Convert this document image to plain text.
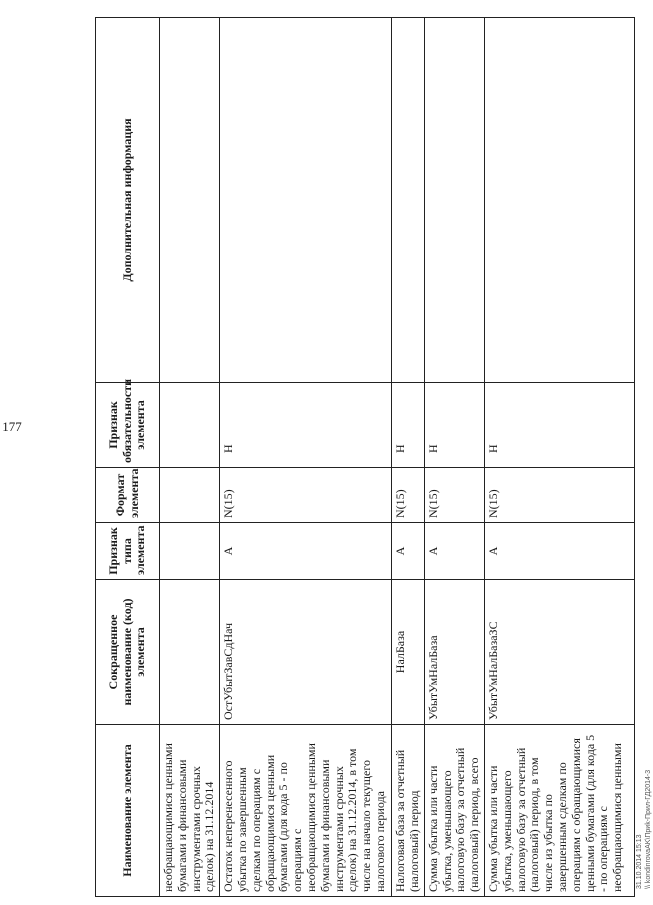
177
Наименование элемента	Сокращенное наименование (код) элемента	Признак типа элемента	Формат элемента	Признак обязательности элемента	Дополнительная информация
необращающимися ценными бумагами и финансовыми инструментами срочных сделок) на 31.12.2014					
Остаток неперенесенного убытка по завершенным сделкам по операциям с обращающимися ценными бумагами (для кода 5 - по операциям с необращающимися ценными бумагами и финансовыми инструментами срочных сделок) на 31.12.2014, в том числе на начало текущего налогового периода	ОстУбытЗавСдНач	А	N(15)	Н	
Налоговая база за отчетный (налоговый) период	НалБаза	А	N(15)	Н	
Сумма убытка или части убытка, уменьшающего налоговую базу за отчетный (налоговый) период, всего	УбытУмНалБаза	А	N(15)	Н	
Сумма убытка или части убытка, уменьшающего налоговую базу за отчетный (налоговый) период, в том числе из убытка по завершенным сделкам по операциям с обращающимися ценными бумагами (для кода 5 - по операциям с необращающимися ценными	УбытУмНалБазаЗС	А	N(15)	Н	
31.10.2014 15:13 \\ kondinrovaAK\Приk-Прил-ГД2014-3
